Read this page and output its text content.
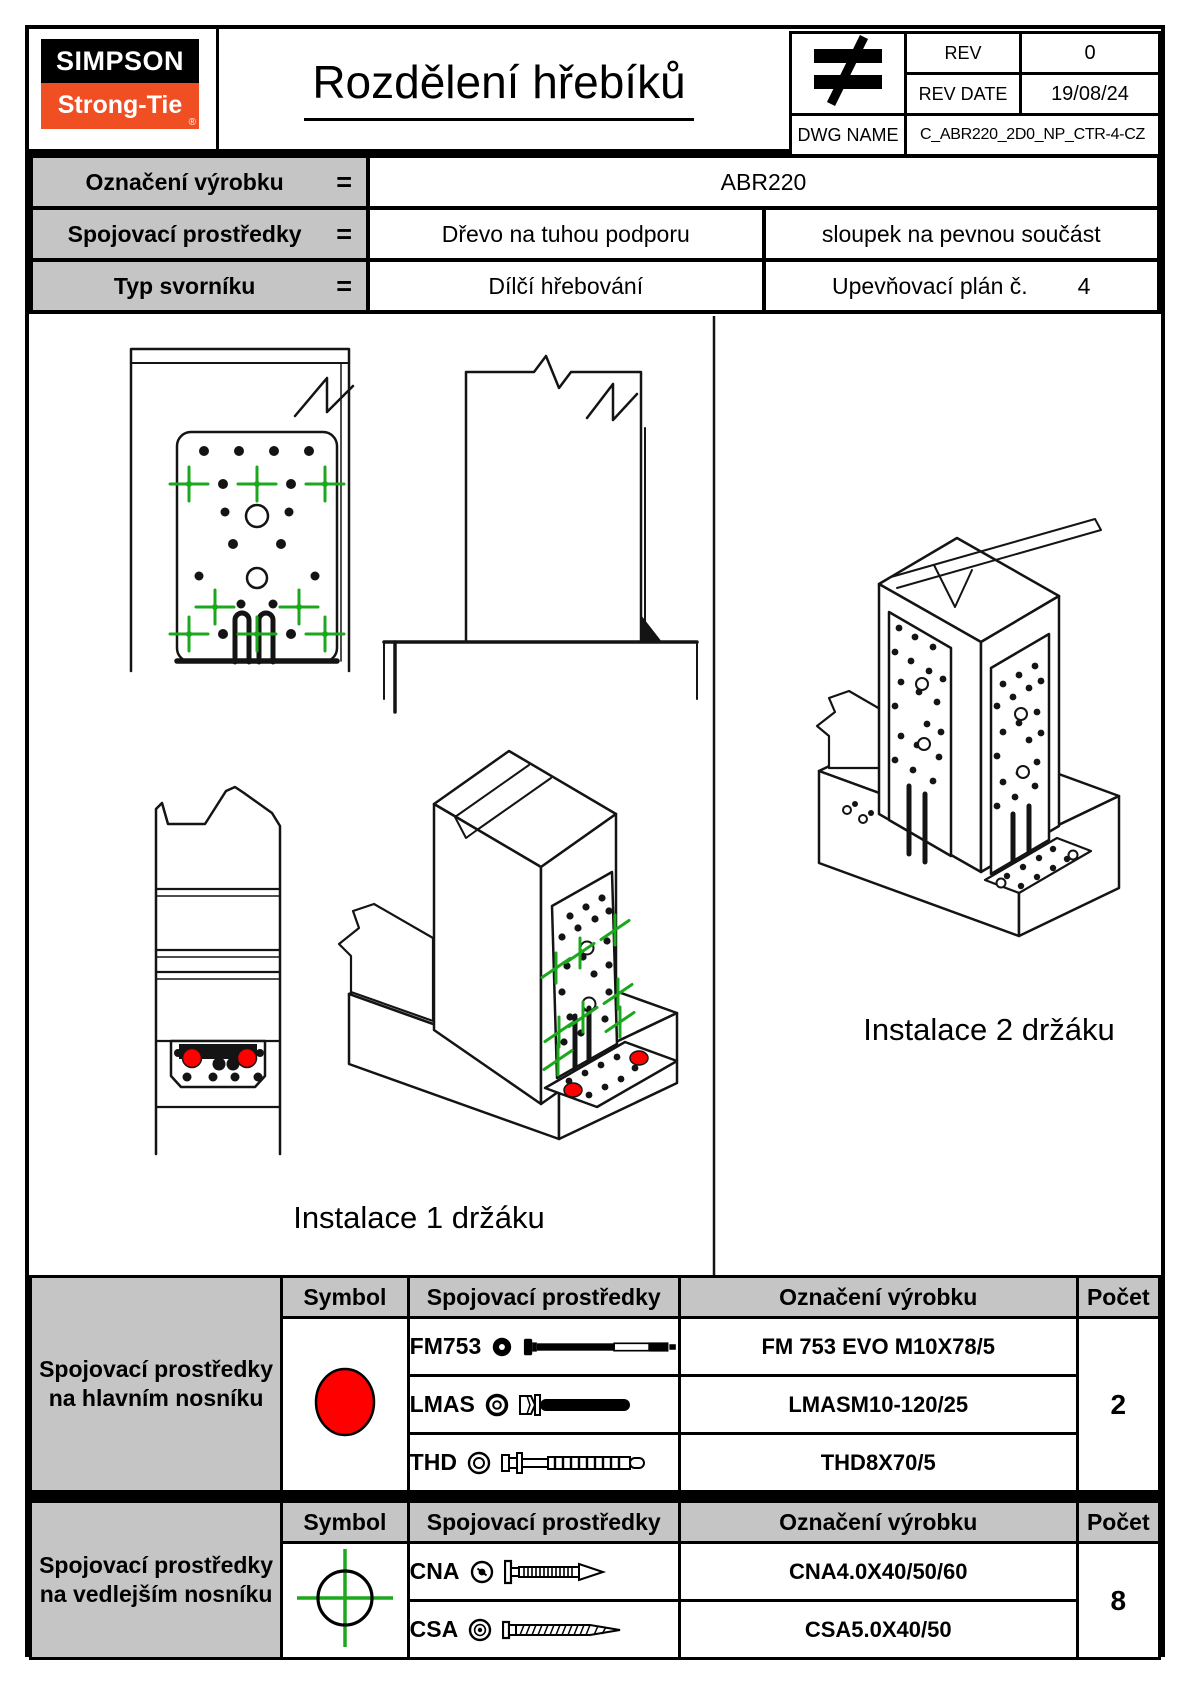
SIMPSON
Strong-Tie
®
Rozdělení hřebíků
	REV	0
	REV DATE	19/08/24
DWG NAME	C_ABR220_2D0_NP_CTR-4-CZ	
Označení výrobku =	ABR220	

Spojovací prostředky =	Dřevo na tuhou podporu	sloupek na pevnou součást

Typ svorníku =	Dílčí hřebování	Upevňovací plán č. 4
Instalace 1 držáku
Instalace 2 držáku
Spojovací prostředky na hlavním nosníku	Symbol	Spojovací prostředky	Označení výrobku	Počet

FM753	FM 753 EVO M10X78/5	2

		LMAS	LMASM10-120/25	

		THD	THD8X70/5	
Spojovací prostředky na vedlejším nosníku	Symbol	Spojovací prostředky	Označení výrobku	Počet

CNA	CNA4.0X40/50/60	8

		CSA	CSA5.0X40/50	
